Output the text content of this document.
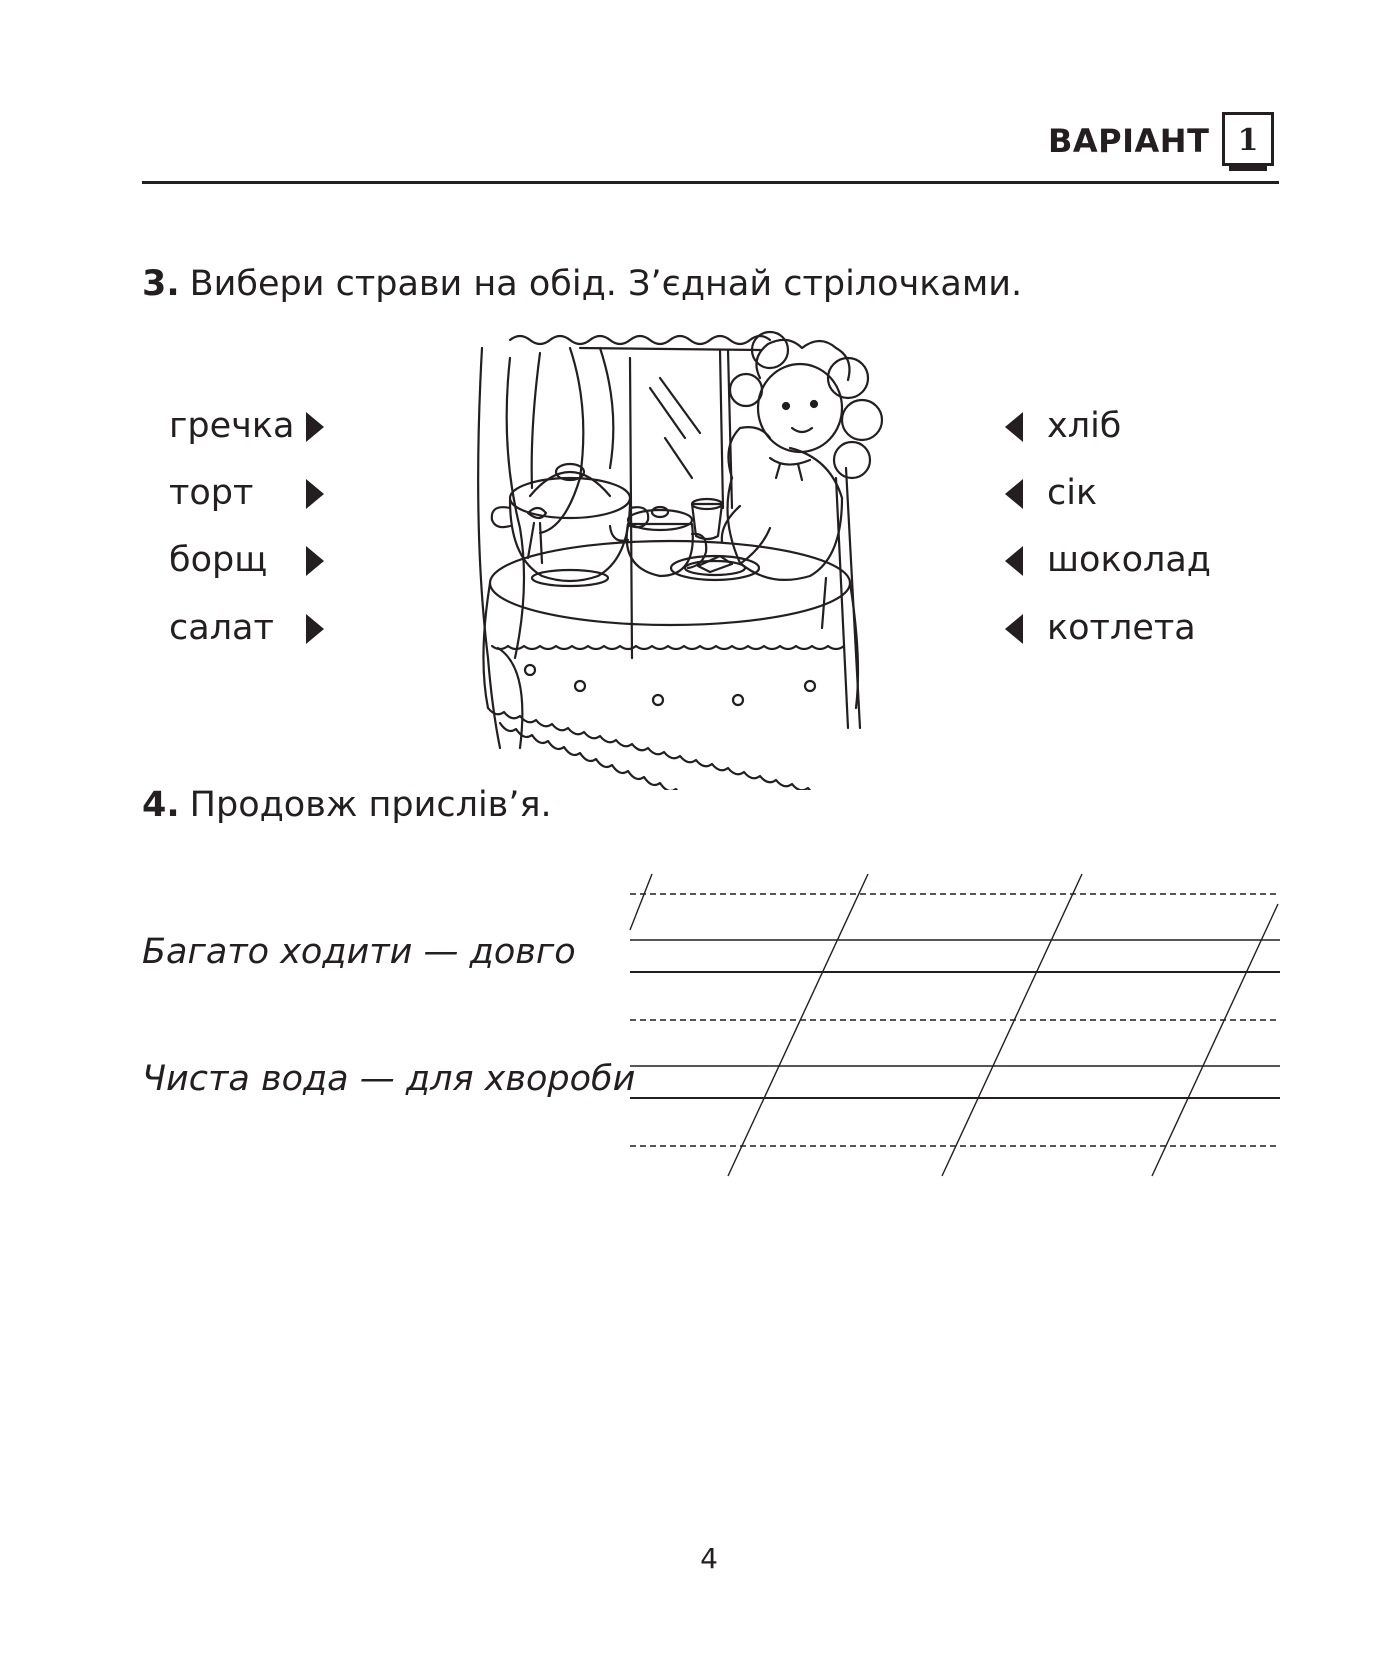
ВАРІАНТ 1
3. Вибери страви на обід. З’єднай стрілочками.
гречка
торт
борщ
салат
хліб
сік
шоколад
котлета
4. Продовж прислів’я.
Багато ходити — довго
Чиста вода — для хвороби
4
